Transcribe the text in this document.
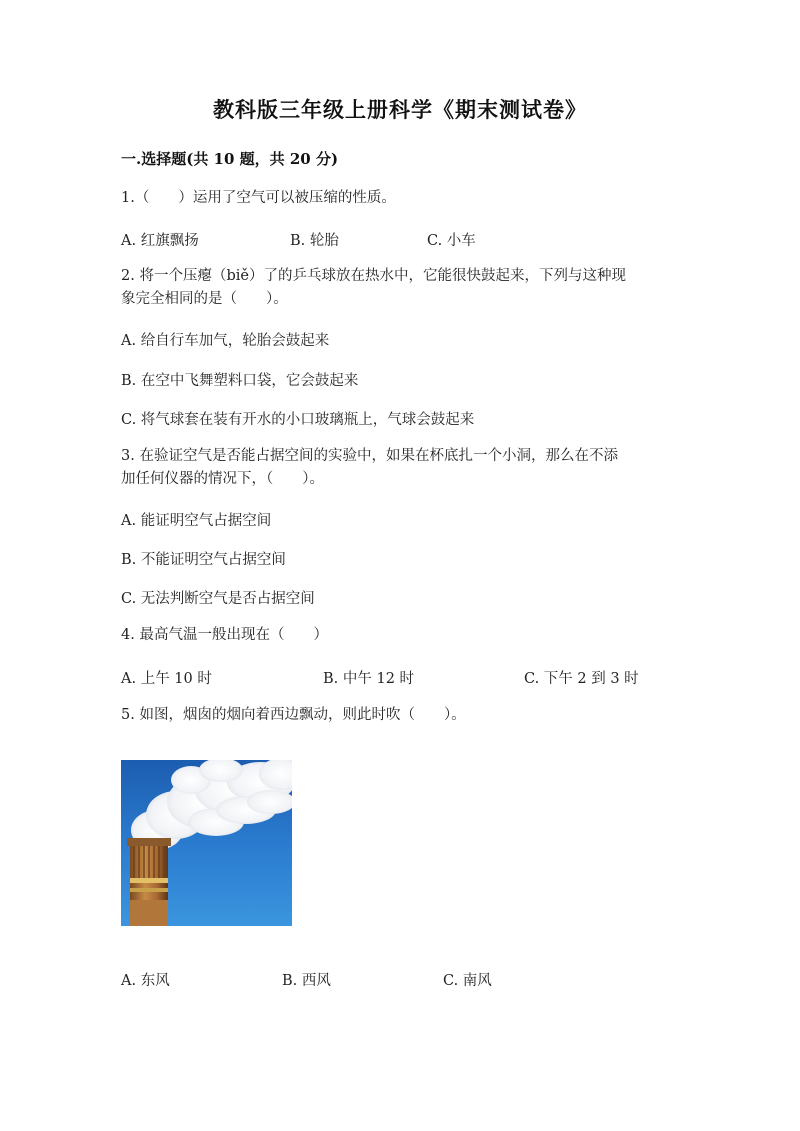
教科版三年级上册科学《期末测试卷》
一.选择题(共 10 题，共 20 分)
1.（　　）运用了空气可以被压缩的性质。
A. 红旗飘扬	B. 轮胎	C. 小车
2. 将一个压瘪（biě）了的乒乓球放在热水中，它能很快鼓起来，下列与这种现
象完全相同的是（　　）。
A. 给自行车加气，轮胎会鼓起来
B. 在空中飞舞塑料口袋，它会鼓起来
C. 将气球套在装有开水的小口玻璃瓶上，气球会鼓起来
3. 在验证空气是否能占据空间的实验中，如果在杯底扎一个小洞，那么在不添
加任何仪器的情况下，（　　）。
A. 能证明空气占据空间
B. 不能证明空气占据空间
C. 无法判断空气是否占据空间
4. 最高气温一般出现在（　　）
A. 上午 10 时	B. 中午 12 时	C. 下午 2 到 3 时
5. 如图，烟囱的烟向着西边飘动，则此时吹（　　）。
A. 东风	B. 西风	C. 南风
